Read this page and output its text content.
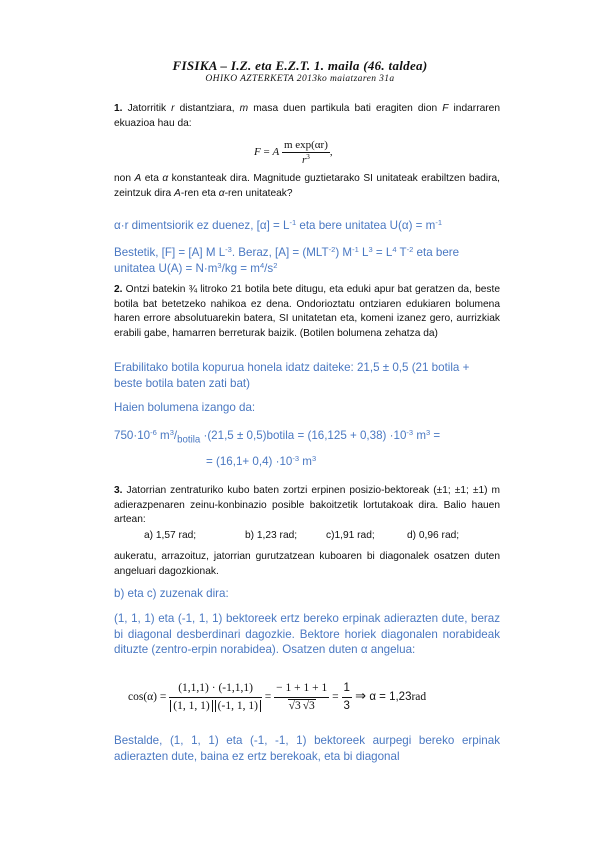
FISIKA – I.Z. eta E.Z.T. 1. maila (46. taldea)
OHIKO AZTERKETA 2013ko maiatzaren 31a
1. Jatorritik r distantziara, m masa duen partikula bati eragiten dion F indarraren ekuazioa hau da:
F = A $\frac{\text{m exp(αr)}}{r^3}$ ,
non A eta α konstanteak dira. Magnitude guztietarako SI unitateak erabiltzen badira, zeintzuk dira A-ren eta α-ren unitateak?
α·r dimentsiorik ez duenez, $[\alpha] = L^{-1}$ eta bere unitatea $U(\alpha) = m^{-1}$
Bestetik, [F] = [A] M $L^{-3}$. Beraz, $[A] = (MLT^{-2})$ $M^{-1}$ $L^3 = L^4$ $T^{-2}$ eta bere unitatea $U(A) = N\cdot m^3/kg = m^4/s^2$
2. Ontzi batekin ¾ litroko 21 botila bete ditugu, eta eduki apur bat geratzen da, beste botila bat betetzeko nahikoa ez dena. Ondorioztatu ontziaren edukiaren bolumena haren errore absolutuarekin batera, SI unitatetan eta, komeni izanez gero, aurrizkiak erabili gabe, hamarren berreturak baizik. (Botilen bolumena zehatza da)
Erabilitako botila kopurua honela idatz daiteke: 21,5 ± 0,5 (21 botila + beste botila baten zati bat)
Haien bolumena izango da:
$750\cdot 10^{-6}$ $m^3/_{botila} \cdot(21,5$ ± 0,5)botila = $(16,125 + 0,38) \cdot 10^{-3}$ $m^3$ =
= $(16,1+ 0,4) \cdot 10^{-3}$ $m^3$
3. Jatorrian zentraturiko kubo baten zortzi erpinen posizio-bektoreak (±1; ±1; ±1) m adierazpenaren zeinu-konbinazio posible bakoitzetik lortutakoak dira. Balio hauen artean:
a) 1,57 rad;	b) 1,23 rad;	c)1,91 rad;	d) 0,96 rad;
aukeratu, arrazoituz, jatorrian gurutzatzean kuboaren bi diagonalek osatzen duten angeluari dagozkionak.
b) eta c) zuzenak dira:
(1, 1, 1) eta (-1, 1, 1) bektoreek ertz bereko erpinak adierazten dute, beraz bi diagonal desberdinari dagozkie. Bektore horiek diagonalen norabideak dituzte (zentro-erpin norabidea). Osatzen duten α angelua:
$\cos(\alpha) = \frac{(1,1,1) \cdot (-1,1,1)}{(1, 1, 1) (-1, 1, 1)} = \frac{- 1 + 1 + 1}{√3 √3} = \frac{1}{3}$ ⇒ α = 1,23rad
Bestalde, (1, 1, 1) eta (-1, -1, 1) bektoreek aurpegi bereko erpinak adierazten dute, baina ez ertz berekoak, eta bi diagonal
